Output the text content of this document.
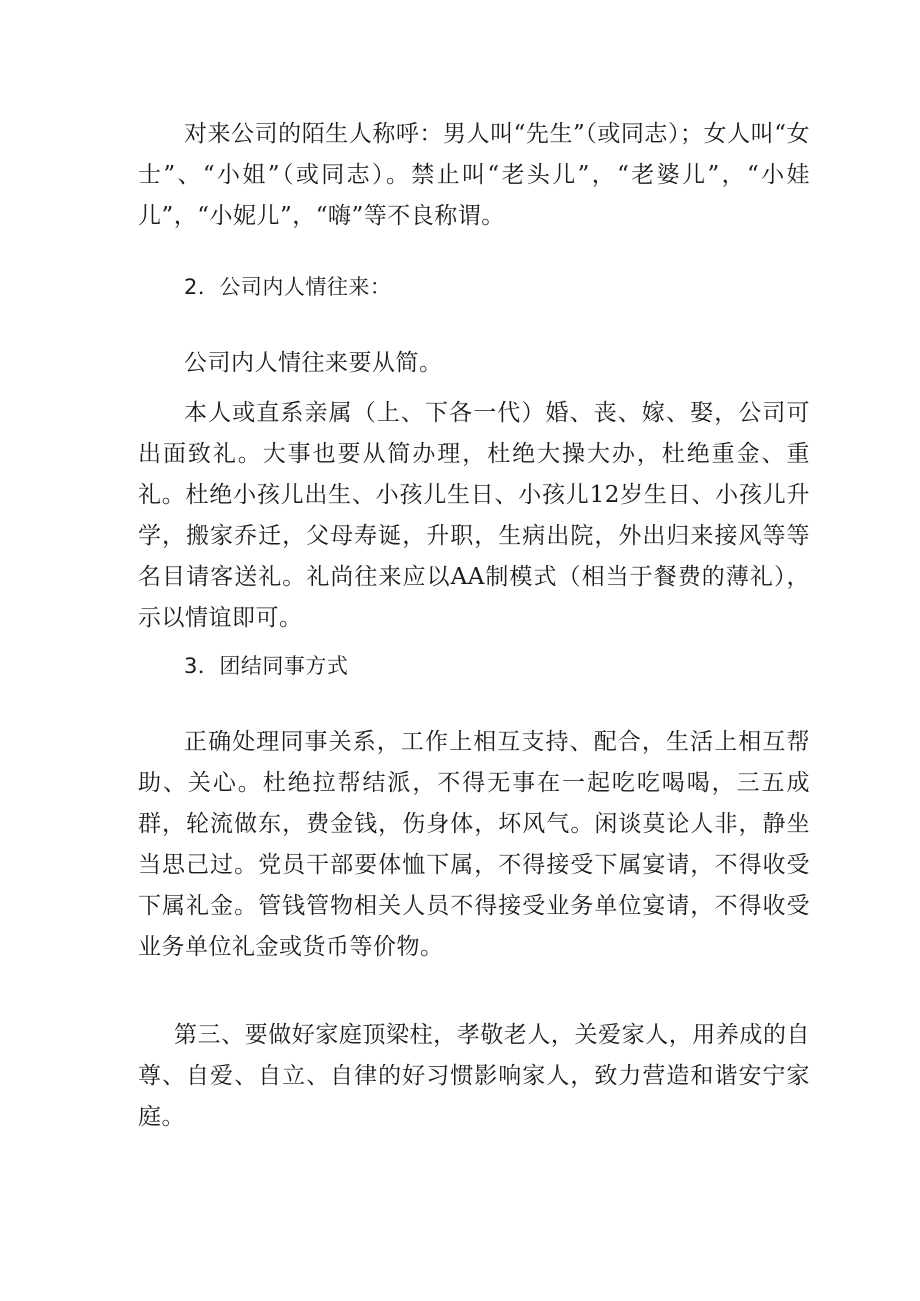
对来公司的陌生人称呼：男人叫“先生”（或同志）；女人叫“女士”、“小姐”（或同志）。禁止叫“老头儿”，“老婆儿”，“小娃儿”，“小妮儿”，“嗨”等不良称谓。

2．公司内人情往来：

公司内人情往来要从简。

本人或直系亲属（上、下各一代）婚、丧、嫁、娶，公司可出面致礼。大事也要从简办理，杜绝大操大办，杜绝重金、重礼。杜绝小孩儿出生、小孩儿生日、小孩儿12岁生日、小孩儿升学，搬家乔迁，父母寿诞，升职，生病出院，外出归来接风等等名目请客送礼。礼尚往来应以AA制模式（相当于餐费的薄礼），示以情谊即可。

3．团结同事方式

正确处理同事关系，工作上相互支持、配合，生活上相互帮助、关心。杜绝拉帮结派，不得无事在一起吃吃喝喝，三五成群，轮流做东，费金钱，伤身体，坏风气。闲谈莫论人非，静坐当思己过。党员干部要体恤下属，不得接受下属宴请，不得收受下属礼金。管钱管物相关人员不得接受业务单位宴请，不得收受业务单位礼金或货币等价物。

第三、要做好家庭顶梁柱，孝敬老人，关爱家人，用养成的自尊、自爱、自立、自律的好习惯影响家人，致力营造和谐安宁家庭。
